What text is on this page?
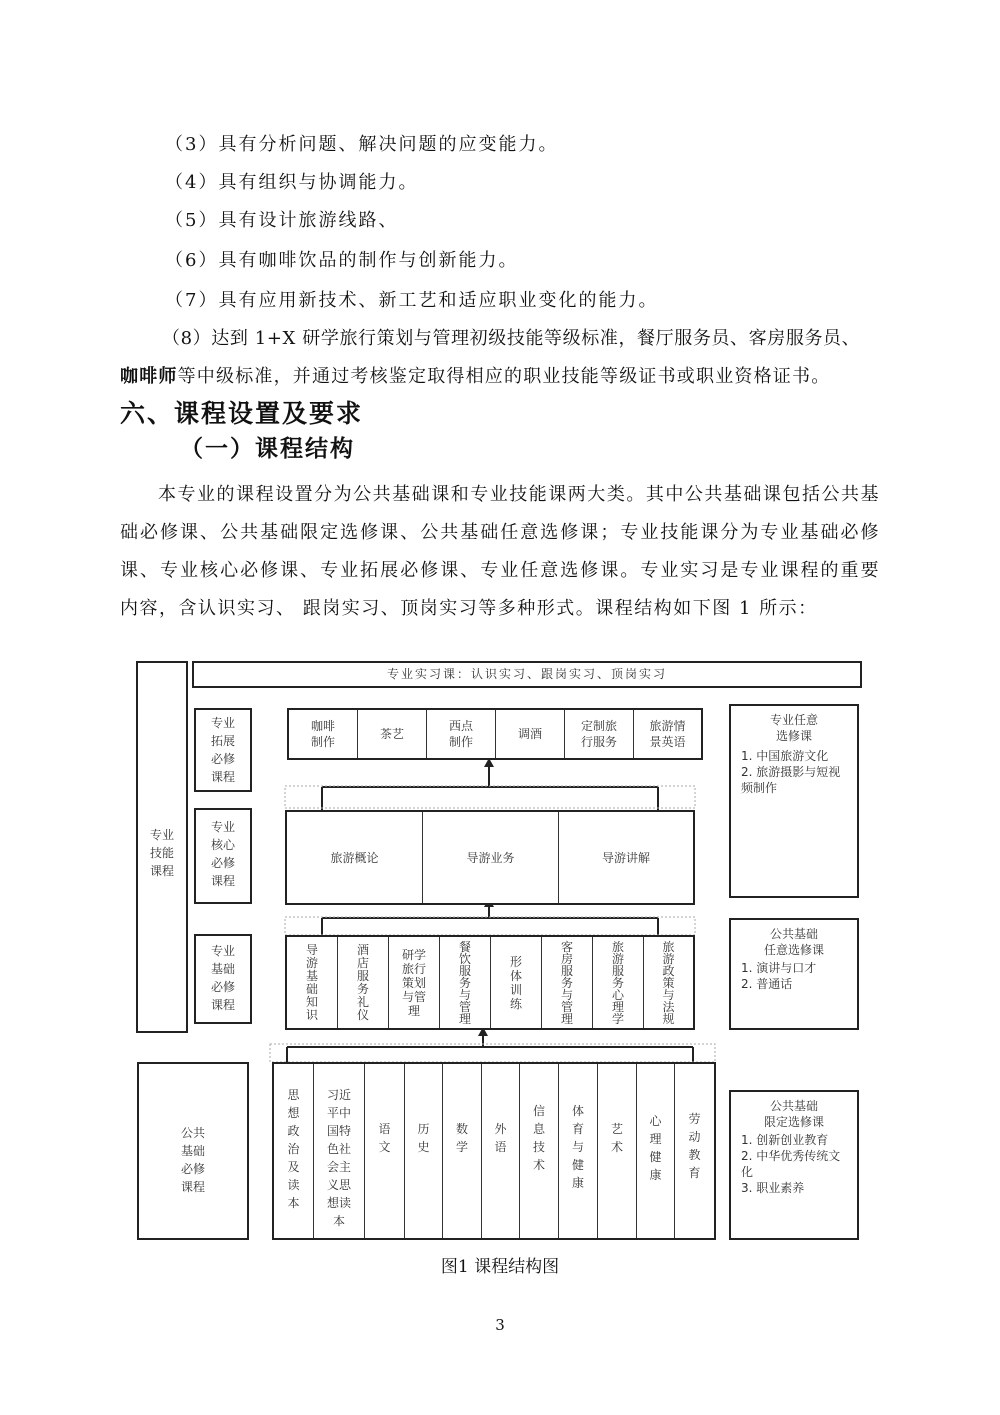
（3）具有分析问题、解决问题的应变能力。
（4）具有组织与协调能力。
（5）具有设计旅游线路、
（6）具有咖啡饮品的制作与创新能力。
（7）具有应用新技术、新工艺和适应职业变化的能力。
（8）达到 1+X 研学旅行策划与管理初级技能等级标准，餐厅服务员、客房服务员、
咖啡师等中级标准，并通过考核鉴定取得相应的职业技能等级证书或职业资格证书。
六、课程设置及要求
（一）课程结构
本专业的课程设置分为公共基础课和专业技能课两大类。其中公共基础课包括公共基础必修课、公共基础限定选修课、公共基础任意选修课；专业技能课分为专业基础必修课、专业核心必修课、专业拓展必修课、专业任意选修课。专业实习是专业课程的重要内容，含认识实习、 跟岗实习、顶岗实习等多种形式。课程结构如下图 1 所示：
专业
技能
课程
专业实习课：认识实习、跟岗实习、顶岗实习
专业
拓展
必修
课程
专业
核心
必修
课程
专业
基础
必修
课程
公共
基础
必修
课程
咖啡
制作
茶艺
西点
制作
调酒
定制旅
行服务
旅游情
景英语
旅游概论	导游业务	导游讲解
导
游
基
础
知
识
酒
店
服
务
礼
仪
研学
旅行
策划
与管
理
餐
饮
服
务
与
管
理
形
体
训
练
客
房
服
务
与
管
理
旅
游
服
务
心
理
学
旅
游
政
策
与
法
规
思
想
政
治
及
读
本
习近
平中
国特
色社
会主
义思
想读
本
语
文
历
史
数
学
外
语
信
息
技
术
体
育
与
健
康
艺
术
心
理
健
康
劳
动
教
育
专业任意
选修课
1. 中国旅游文化
2. 旅游摄影与短视频制作
公共基础
任意选修课
1. 演讲与口才
2. 普通话
公共基础
限定选修课
1. 创新创业教育
2. 中华优秀传统文化
3. 职业素养
图1 课程结构图
3
